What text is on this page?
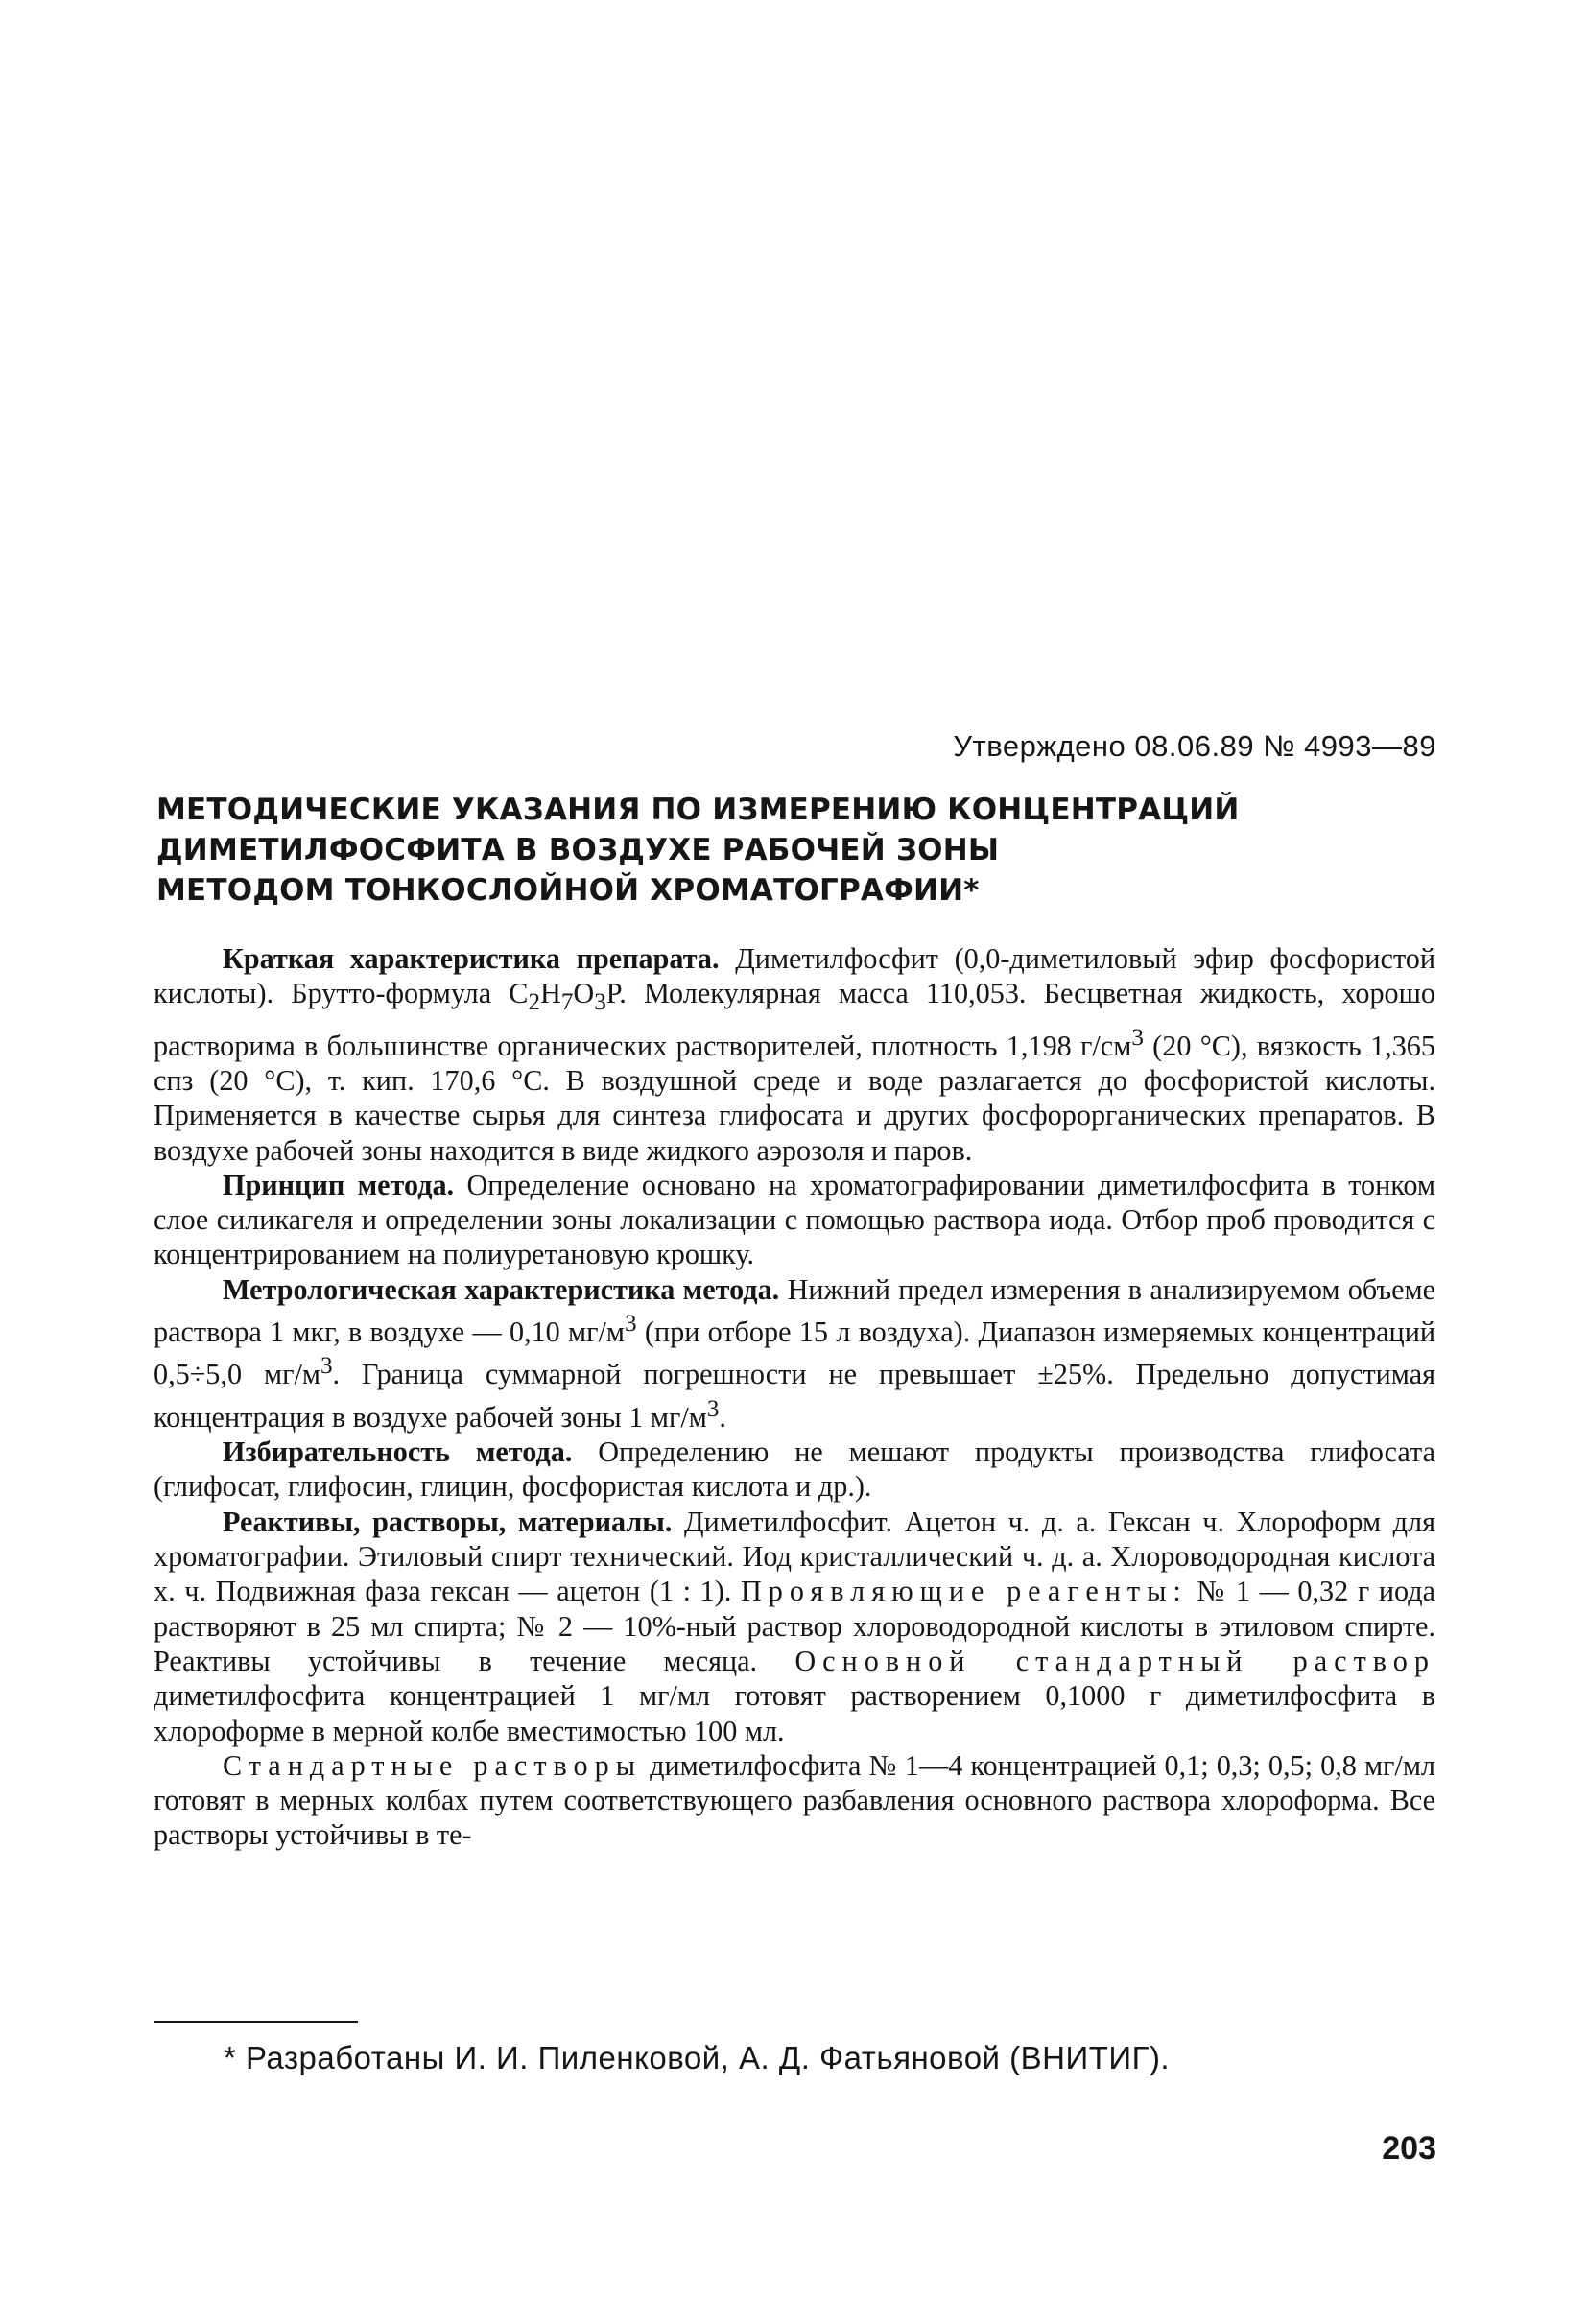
Утверждено 08.06.89 № 4993—89
МЕТОДИЧЕСКИЕ УКАЗАНИЯ ПО ИЗМЕРЕНИЮ КОНЦЕНТРАЦИЙ
ДИМЕТИЛФОСФИТА В ВОЗДУХЕ РАБОЧЕЙ ЗОНЫ
МЕТОДОМ ТОНКОСЛОЙНОЙ ХРОМАТОГРАФИИ*

Краткая характеристика препарата. Диметилфосфит (0,0-диметиловый эфир фосфористой кислоты). Брутто-формула $C_2H_7O_3P$. Молекулярная масса 110,053. Бесцветная жидкость, хорошо растворима в большинстве органических растворителей, плотность 1,198 $г/см^3$ (20 °C), вязкость 1,365 спз (20 °C), т. кип. 170,6 °C. В воздушной среде и воде разлагается до фосфористой кислоты. Применяется в качестве сырья для синтеза глифосата и других фосфорорганических препаратов. В воздухе рабочей зоны находится в виде жидкого аэрозоля и паров.

Принцип метода. Определение основано на хроматографировании диметилфосфита в тонком слое силикагеля и определении зоны локализации с помощью раствора иода. Отбор проб проводится с концентрированием на полиуретановую крошку.

Метрологическая характеристика метода. Нижний предел измерения в анализируемом объеме раствора 1 мкг, в воздухе — 0,10 $мг/м^3$ (при отборе 15 л воздуха). Диапазон измеряемых концентраций 0,5÷5,0 $мг/м^3$. Граница суммарной погрешности не превышает ±25%. Предельно допустимая концентрация в воздухе рабочей зоны 1 $мг/м^3$.

Избирательность метода. Определению не мешают продукты производства глифосата (глифосат, глифосин, глицин, фосфористая кислота и др.).

Реактивы, растворы, материалы. Диметилфосфит. Ацетон ч. д. а. Гексан ч. Хлороформ для хроматографии. Этиловый спирт технический. Иод кристаллический ч. д. а. Хлороводородная кислота х. ч. Подвижная фаза гексан — ацетон (1 : 1). Проявляющие реагенты: № 1 — 0,32 г иода растворяют в 25 мл спирта; № 2 — 10%-ный раствор хлороводородной кислоты в этиловом спирте. Реактивы устойчивы в течение месяца. Основной стандартный раствор диметилфосфита концентрацией 1 мг/мл готовят растворением 0,1000 г диметилфосфита в хлороформе в мерной колбе вместимостью 100 мл.

Стандартные растворы диметилфосфита № 1—4 концентрацией 0,1; 0,3; 0,5; 0,8 мг/мл готовят в мерных колбах путем соответствующего разбавления основного раствора хлороформа. Все растворы устойчивы в те-

* Разработаны И. И. Пиленковой, А. Д. Фатьяновой (ВНИТИГ).
203
